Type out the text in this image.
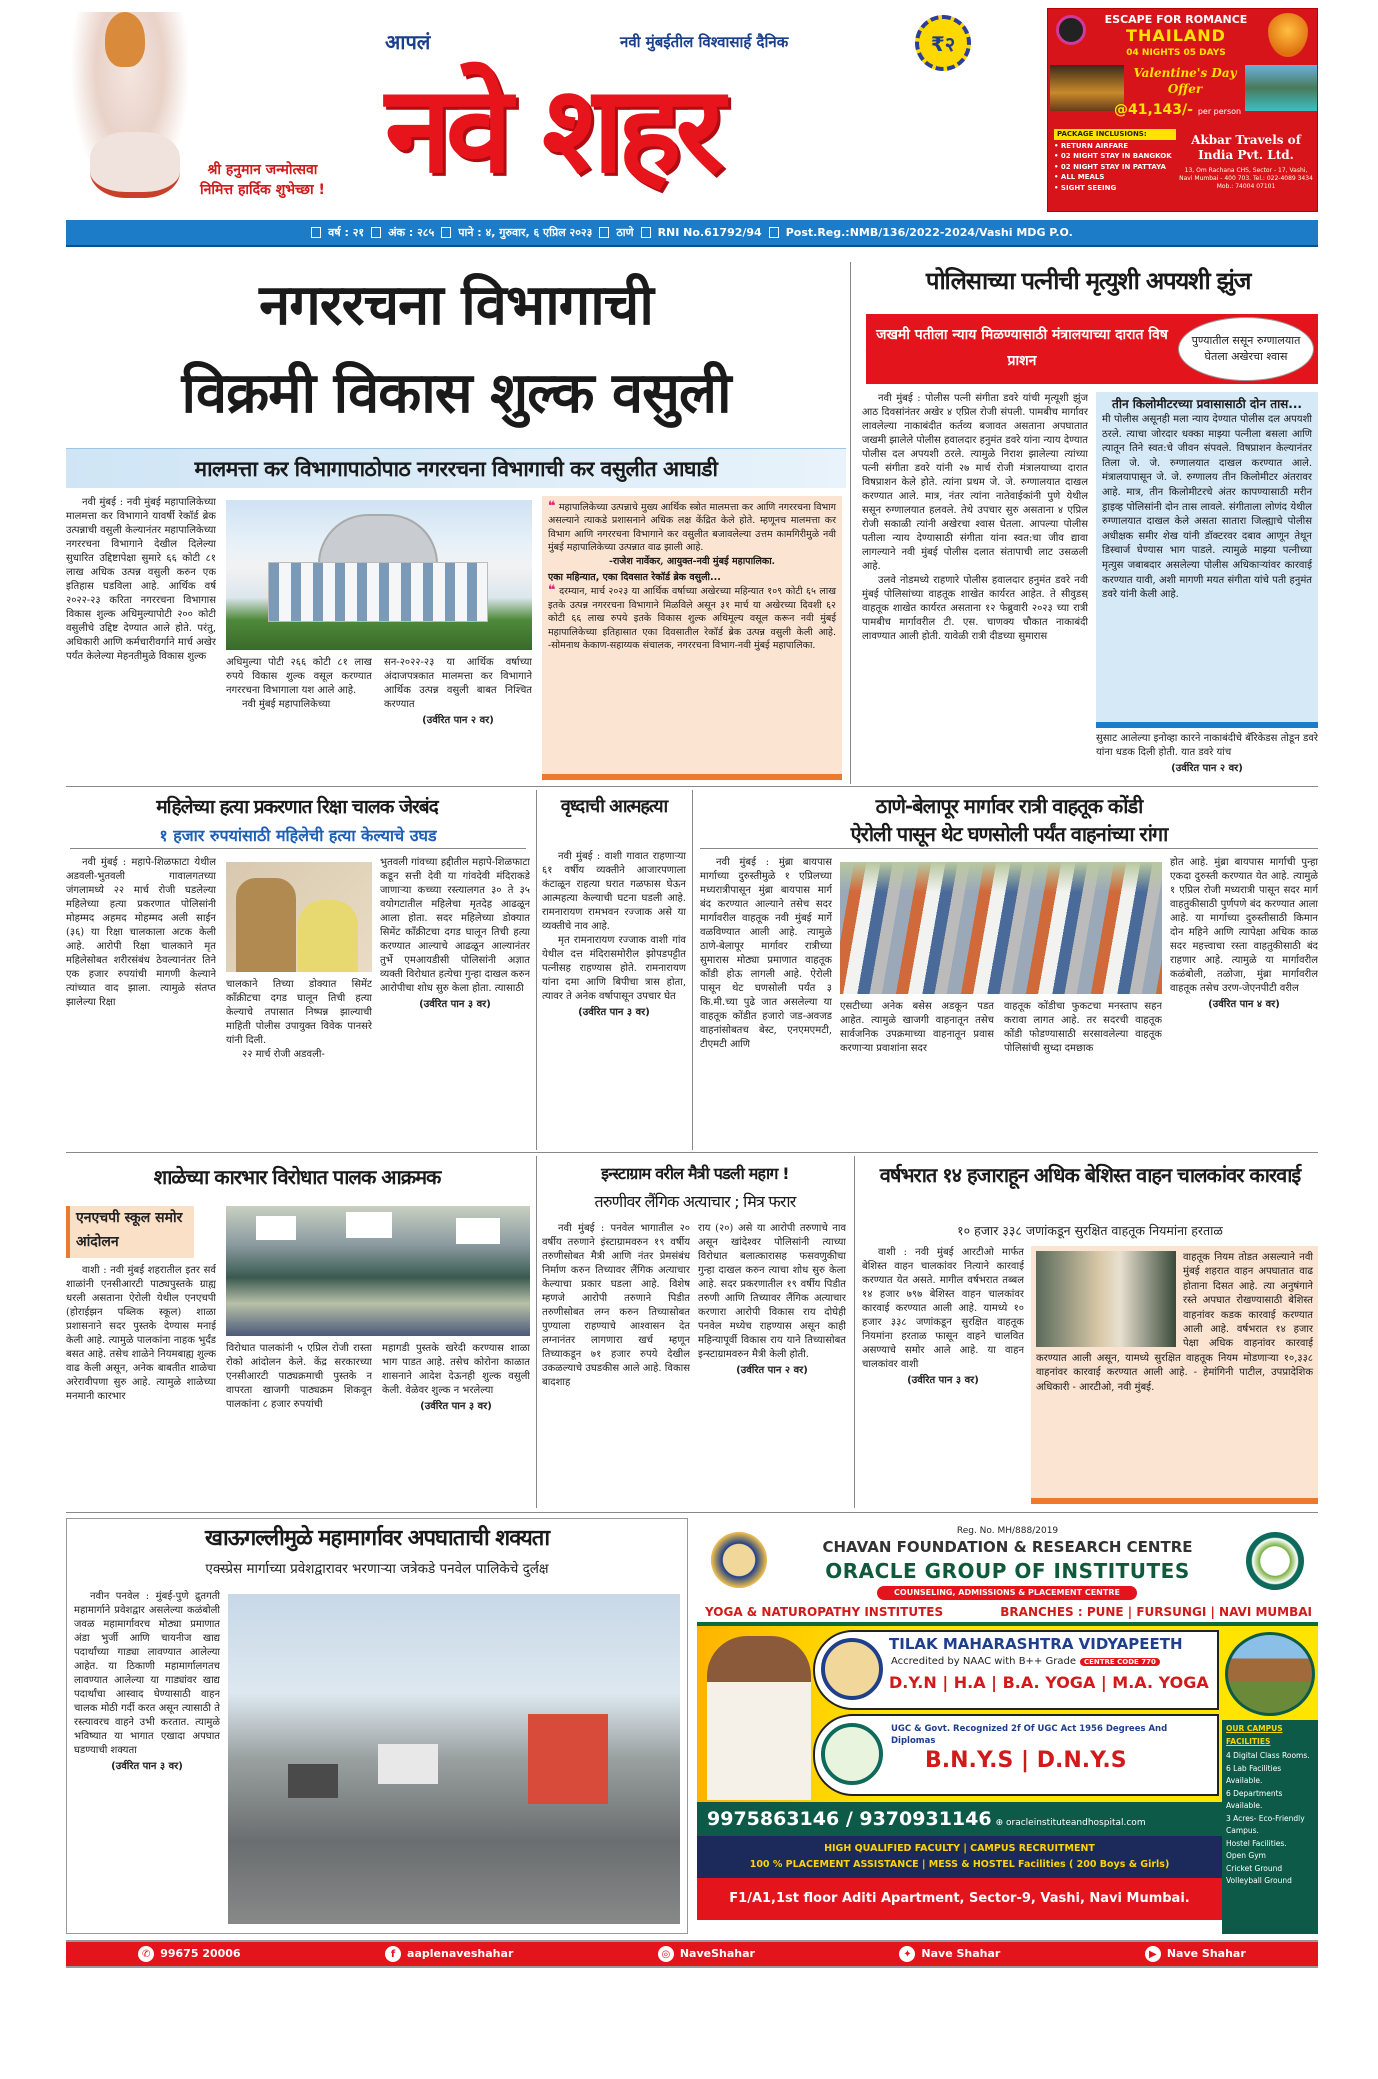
श्री हनुमान जन्मोत्सवा
निमित्त हार्दिक शुभेच्छा ! नवे शहर
आपलं	नवी मुंबईतील विश्वासार्ह दैनिक	₹२
ESCAPE FOR ROMANCE
THAILAND
04 NIGHTS 05 DAYS
Valentine's Day Offer
@41,143/- per person
PACKAGE INCLUSIONS:
• RETURN AIRFARE
• 02 NIGHT STAY IN BANGKOK
• 02 NIGHT STAY IN PATTAYA
• ALL MEALS
• SIGHT SEEING
Akbar Travels of India Pvt. Ltd.
13, Om Rachana CHS, Sector - 17, Vashi, Navi Mumbai - 400 703. Tel.: 022-4089 3434 Mob.: 74004 07101
वर्ष : २१ अंक : २८५ पाने : ४, गुरुवार, ६ एप्रिल २०२३ ठाणे RNI No.61792/94 Post.Reg.:NMB/136/2022-2024/Vashi MDG P.O.
नगररचना विभागाची
विक्रमी विकास शुल्क वसुली
मालमत्ता कर विभागापाठोपाठ नगररचना विभागाची कर वसुलीत आघाडी

नवी मुंबई : नवी मुंबई महापालिकेच्या मालमत्ता कर विभागाने यावर्षी रेकॉर्ड ब्रेक उत्पन्नाची वसुली केल्यानंतर महापालिकेच्या नगररचना विभागाने देखील दिलेल्या सुधारित उद्दिष्टापेक्षा सुमारे ६६ कोटी ८१ लाख अधिक उत्पन्न वसुली करुन एक इतिहास घडविला आहे. आर्थिक वर्ष २०२२-२३ करिता नगररचना विभागास विकास शुल्क अधिमुल्यापोटी २०० कोटी वसुलीचे उद्दिष्ट देण्यात आले होते. परंतु, अधिकारी आणि कर्मचारीवर्गाने मार्च अखेर पर्यंत केलेल्या मेहनतीमुळे विकास शुल्क

अधिमुल्या पोटी २६६ कोटी ८१ लाख रुपये विकास शुल्क वसूल करण्यात नगररचना विभागाला यश आले आहे.

नवी मुंबई महापालिकेच्या

सन-२०२२-२३ या आर्थिक वर्षाच्या अंदाजपत्रकात मालमत्ता कर विभागाने आर्थिक उत्पन्न वसुली बाबत निश्चित करण्यात

(उर्वरित पान २ वर)
❝ महापालिकेच्या उत्पन्नाचे मुख्य आर्थिक स्त्रोत मालमत्ता कर आणि नगररचना विभाग असल्याने त्याकडे प्रशासनाने अधिक लक्ष केंद्रित केले होते. म्हणूनच मालमत्ता कर विभाग आणि नगररचना विभागाने कर वसुलीत बजावलेल्या उत्तम कामगिरीमुळे नवी मुंबई महापालिकेच्या उत्पन्नात वाढ झाली आहे.
-राजेश नार्वेकर, आयुक्त-नवी मुंबई महापालिका.
एका महिन्यात, एका दिवसात रेकॉर्ड ब्रेक वसुली...
❝ दरम्यान, मार्च २०२३ या आर्थिक वर्षाच्या अखेरच्या महिन्यात १०९ कोटी ६५ लाख इतके उत्पन्न नगररचना विभागाने मिळविले असून ३१ मार्च या अखेरच्या दिवशी ६२ कोटी ६६ लाख रुपये इतके विकास शुल्क अधिमूल्य वसूल करून नवी मुंबई महापालिकेच्या इतिहासात एका दिवसातील रेकॉर्ड ब्रेक उत्पन्न वसुली केली आहे. -सोमनाथ केकाण-सहाय्यक संचालक, नगररचना विभाग-नवी मुंबई महापालिका.
पोलिसाच्या पत्नीची मृत्युशी अपयशी झुंज
जखमी पतीला न्याय मिळण्यासाठी मंत्रालयाच्या दारात विष प्राशन
पुण्यातील ससून रुग्णालयात घेतला अखेरचा श्वास

नवी मुंबई : पोलीस पत्नी संगीता डवरे यांची मृत्यूशी झुंज आठ दिवसांनंतर अखेर ४ एप्रिल रोजी संपली. पामबीच मार्गावर लावलेल्या नाकाबंदीत कर्तव्य बजावत असताना अपघातात जखमी झालेले पोलीस हवालदार हनुमंत डवरे यांना न्याय देण्यात पोलीस दल अपयशी ठरले. त्यामुळे निराश झालेल्या त्यांच्या पत्नी संगीता डवरे यांनी २७ मार्च रोजी मंत्रालयाच्या दारात विषप्राशन केले होते. त्यांना प्रथम जे. जे. रुग्णालयात दाखल करण्यात आले. मात्र, नंतर त्यांना नातेवाईकांनी पुणे येथील ससून रुग्णालयात हलवले. तेथे उपचार सुरु असताना ४ एप्रिल रोजी सकाळी त्यांनी अखेरचा श्वास घेतला. आपल्या पोलीस पतीला न्याय देण्यासाठी संगीता यांना स्वत:चा जीव द्यावा लागल्याने नवी मुंबई पोलीस दलात संतापाची लाट उसळली आहे.

उलवे नोडमध्ये राहणारे पोलीस हवालदार हनुमंत डवरे नवी मुंबई पोलिसांच्या वाहतूक शाखेत कार्यरत आहेत. ते सीवुडस् वाहतूक शाखेत कार्यरत असताना १२ फेब्रुवारी २०२३ च्या रात्री पामबीच मार्गावरील टी. एस. चाणक्य चौकात नाकाबंदी लावण्यात आली होती. यावेळी रात्री दीडच्या सुमारास

तीन किलोमीटरच्या प्रवासासाठी दोन तास...
मी पोलीस असूनही मला न्याय देण्यात पोलीस दल अपयशी ठरले. त्याचा जोरदार धक्का माझ्या पत्नीला बसला आणि त्यातून तिने स्वत:चे जीवन संपवले. विषप्राशन केल्यानंतर तिला जे. जे. रुग्णालयात दाखल करण्यात आले. मंत्रालयापासून जे. जे. रुग्णालय तीन किलोमीटर अंतरावर आहे. मात्र, तीन किलोमीटरचे अंतर कापण्यासाठी मरीन ड्राइव्ह पोलिसांनी दोन तास लावले. संगीताला लोणंद येथील रुग्णालयात दाखल केले असता सातारा जिल्ह्याचे पोलीस अधीक्षक समीर शेख यांनी डॉक्टरवर दबाव आणून तेथून डिस्चार्ज घेण्यास भाग पाडले. त्यामुळे माझ्या पत्नीच्या मृत्युस जबाबदार असलेल्या पोलीस अधिकाऱ्यांवर कारवाई करण्यात यावी, अशी मागणी मयत संगीता यांचे पती हनुमंत डवरे यांनी केली आहे.
सुसाट आलेल्या इनोव्हा कारने नाकाबंदीचे बॅरिकेडस तोडून डवरे यांना धडक दिली होती. यात डवरे यांच
(उर्वरित पान २ वर)
महिलेच्या हत्या प्रकरणात रिक्षा चालक जेरबंद
१ हजार रुपयांसाठी महिलेची हत्या केल्याचे उघड

नवी मुंबई : महापे-शिळफाटा येथील अडवली-भुतवली गावालगतच्या जंगलामध्ये २२ मार्च रोजी घडलेल्या महिलेच्या हत्या प्रकरणात पोलिसांनी मोहम्मद अहमद मोहम्मद अली साईन (३६) या रिक्षा चालकाला अटक केली आहे. आरोपी रिक्षा चालकाने मृत महिलेसोबत शरीरसंबंध ठेवल्यानंतर तिने एक हजार रुपयांची मागणी केल्याने त्यांच्यात वाद झाला. त्यामुळे संतप्त झालेल्या रिक्षा

चालकाने तिच्या डोक्यात सिमेंट कॉंक्रीटचा दगड घालून तिची हत्या केल्याचे तपासात निष्पन्न झाल्याची माहिती पोलीस उपायुक्त विवेक पानसरे यांनी दिली.

२२ मार्च रोजी अडवली-

भुतवली गांवच्या हद्दीतील महापे-शिळफाटा कडून सत्ती देवी या गांवदेवी मंदिराकडे जाणाऱ्या कच्च्या रस्त्यालगत ३० ते ३५ वयोगटातील महिलेचा मृतदेह आढळून आला होता. सदर महिलेच्या डोक्यात सिमेंट कॉंक्रीटचा दगड घालून तिची हत्या करण्यात आल्याचे आढळून आल्यानंतर तुर्भे एमआयडीसी पोलिसांनी अज्ञात व्यक्ती विरोधात हत्येचा गुन्हा दाखल करुन आरोपीचा शोध सुरु केला होता. त्यासाठी

(उर्वरित पान ३ वर)
वृध्दाची आत्महत्या

नवी मुंबई : वाशी गावात राहणाऱ्या ६१ वर्षीय व्यक्तीने आजारपणाला कंटाळून राहत्या घरात गळफास घेऊन आत्महत्या केल्याची घटना घडली आहे. रामनारायण रामभवन रज्जाक असे या व्यक्तीचे नाव आहे.

मृत रामनारायण रज्जाक वाशी गांव येथील दत्त मंदिरासमोरील झोपडपट्टीत पत्नीसह राहण्यास होते. रामनारायण यांना दमा आणि बिपीचा त्रास होता, त्यावर ते अनेक वर्षापासून उपचार घेत

(उर्वरित पान ३ वर)
ठाणे-बेलापूर मार्गावर रात्री वाहतूक कोंडी
ऐरोली पासून थेट घणसोली पर्यंत वाहनांच्या रांगा

नवी मुंबई : मुंब्रा बायपास मार्गाच्या दुरुस्तीमुळे १ एप्रिलच्या मध्यरात्रीपासून मुंब्रा बायपास मार्ग बंद करण्यात आल्याने तसेच सदर मार्गावरील वाहतूक नवी मुंबई मार्गे वळविण्यात आली आहे. त्यामुळे ठाणे-बेलापूर मार्गावर रात्रीच्या सुमारास मोठ्या प्रमाणात वाहतूक कोंडी होऊ लागली आहे. ऐरोली पासून थेट घणसोली पर्यंत ३ कि.मी.च्या पुढे जात असलेल्या या वाहतूक कोंडीत हजारो जड-अवजड वाहनांसोबतच बेस्ट, एनएमएमटी, टीएमटी आणि

एसटीच्या अनेक बसेस अडकून पडत आहेत. त्यामुळे खाजगी वाहनातून तसेच सार्वजनिक उपक्रमाच्या वाहनातून प्रवास करणाऱ्या प्रवाशांना सदर

वाहतूक कोंडीचा फुकटचा मनस्ताप सहन करावा लागत आहे. तर सदरची वाहतूक कोंडी फोडण्यासाठी सरसावलेल्या वाहतूक पोलिसांची सुध्दा दमछाक

होत आहे. मुंब्रा बायपास मार्गाची पुन्हा एकदा दुरुस्ती करण्यात येत आहे. त्यामुळे १ एप्रिल रोजी मध्यरात्री पासून सदर मार्ग वाहतुकीसाठी पुर्णपणे बंद करण्यात आला आहे. या मार्गाच्या दुरुस्तीसाठी किमान दोन महिने आणि त्यापेक्षा अधिक काळ सदर महत्त्वाचा रस्ता वाहतुकीसाठी बंद राहणार आहे. त्यामुळे या मार्गावरील कळंबोली, तळोजा, मुंब्रा मार्गावरील वाहतूक तसेच उरण-जेएनपीटी वरील

(उर्वरित पान ४ वर)
शाळेच्या कारभार विरोधात पालक आक्रमक
एनएचपी स्कूल समोर आंदोलन

वाशी : नवी मुंबई शहरातील इतर सर्व शाळांनी एनसीआरटी पाठ्यपुस्तके ग्राह्य धरली असताना ऐरोली येथील एनएचपी (होराईझन पब्लिक स्कूल) शाळा प्रशासनाने सदर पुस्तके देण्यास मनाई केली आहे. त्यामुळे पालकांना नाहक भुर्दंड बसत आहे. तसेच शाळेने नियमबाह्य शुल्क वाढ केली असून, अनेक बाबतीत शाळेचा अरेरावीपणा सुरु आहे. त्यामुळे शाळेच्या मनमानी कारभार

विरोधात पालकांनी ५ एप्रिल रोजी रास्ता रोको आंदोलन केले. केंद्र सरकारच्या एनसीआरटी पाठ्यक्रमाची पुस्तके न वापरता खाजगी पाठ्यक्रम शिकवून पालकांना ८ हजार रुपयांची

महागडी पुस्तके खरेदी करण्यास शाळा भाग पाडत आहे. तसेच कोरोना काळात शासनाने आदेश देऊनही शुल्क वसुली केली. वेळेवर शुल्क न भरलेल्या

(उर्वरित पान ३ वर)
इन्स्टाग्राम वरील मैत्री पडली महाग !
तरुणीवर लैंगिक अत्याचार ; मित्र फरार

नवी मुंबई : पनवेल भागातील २० वर्षीय तरुणाने इंस्टाग्रामवरुन १९ वर्षीय तरुणीसोबत मैत्री आणि नंतर प्रेमसंबंध निर्माण करुन तिच्यावर लैंगिक अत्याचार केल्याचा प्रकार घडला आहे. विशेष म्हणजे आरोपी तरुणाने पिडीत तरुणीसोबत लग्न करुन तिच्यासोबत पुण्याला राहण्याचे आश्वासन देत लग्नानंतर लागणारा खर्च म्हणून तिच्याकडून ७१ हजार रुपये देखील उकळल्याचे उघडकीस आले आहे. विकास बादशाह

राय (२०) असे या आरोपी तरुणाचे नाव असून खांदेश्वर पोलिसांनी त्याच्या विरोधात बलात्कारासह फसवणुकीचा गुन्हा दाखल करुन त्याचा शोध सुरु केला आहे. सदर प्रकरणातील १९ वर्षीय पिडीत तरुणी आणि तिच्यावर लैंगिक अत्याचार करणारा आरोपी विकास राय दोघेही पनवेल मध्येच राहण्यास असून काही महिन्यापूर्वी विकास राय याने तिच्यासोबत इन्स्टाग्रामवरुन मैत्री केली होती.

(उर्वरित पान २ वर)
वर्षभरात १४ हजाराहून अधिक बेशिस्त वाहन चालकांवर कारवाई
१० हजार ३३८ जणांकडून सुरक्षित वाहतूक नियमांना हरताळ

वाशी : नवी मुंबई आरटीओ मार्फत बेशिस्त वाहन चालकांवर नित्याने कारवाई करण्यात येत असते. मागील वर्षभरात तब्बल १४ हजार ७९७ बेशिस्त वाहन चालकांवर कारवाई करण्यात आली आहे. यामध्ये १० हजार ३३८ जणांकडून सुरक्षित वाहतूक नियमांना हरताळ फासून वाहने चालवित असण्याचे समोर आले आहे. या वाहन चालकांवर वाशी

(उर्वरित पान ३ वर)
वाहतूक नियम तोडत असल्याने नवी मुंबई शहरात वाहन अपघातात वाढ होताना दिसत आहे. त्या अनुषंगाने रस्ते अपघात रोखण्यासाठी बेशिस्त वाहनांवर कडक कारवाई करण्यात आली आहे. वर्षभरात १४ हजार पेक्षा अधिक वाहनांवर कारवाई करण्यात आली असून, यामध्ये सुरक्षित वाहतूक नियम मोडणाऱ्या १०,३३८ वाहनांवर कारवाई करण्यात आली आहे. - हेमांगिनी पाटील, उपप्रादेशिक अधिकारी - आरटीओ, नवी मुंबई.
खाऊगल्लीमुळे महामार्गावर अपघाताची शक्यता
एक्स्प्रेस मार्गाच्या प्रवेशद्वारावर भरणाऱ्या जत्रेकडे पनवेल पालिकेचे दुर्लक्ष

नवीन पनवेल : मुंबई-पुणे द्रुतगती महामार्गाने प्रवेशद्वार असलेल्या कळंबोली जवळ महामार्गावरच मोठ्या प्रमाणात अंडा भुर्जी आणि चायनीज खाद्य पदार्थांच्या गाड्या लावण्यात आलेल्या आहेत. या ठिकाणी महामार्गालगतच लावण्यात आलेल्या या गाड्यांवर खाद्य पदार्थांचा आस्वाद घेण्यासाठी वाहन चालक मोठी गर्दी करत असून त्यासाठी ते रस्त्यावरच वाहने उभी करतात. त्यामुळे भविष्यात या भागात एखादा अपघात घडण्याची शक्यता

(उर्वरित पान ३ वर)
Reg. No. MH/888/2019
CHAVAN FOUNDATION & RESEARCH CENTRE
ORACLE GROUP OF INSTITUTES
COUNSELING, ADMISSIONS & PLACEMENT CENTRE
YOGA & NATUROPATHY INSTITUTES	BRANCHES : PUNE | FURSUNGI | NAVI MUMBAI
TILAK MAHARASHTRA VIDYAPEETH
Accredited by NAAC with B++ Grade CENTRE CODE 770
D.Y.N | H.A | B.A. YOGA | M.A. YOGA
UGC & Govt. Recognized 2f Of UGC Act 1956 Degrees And Diplomas
B.N.Y.S | D.N.Y.S
9975863146 / 9370931146 ⊕ oracleinstituteandhospital.com
HIGH QUALIFIED FACULTY | CAMPUS RECRUITMENT
100 % PLACEMENT ASSISTANCE | MESS & HOSTEL Facilities ( 200 Boys & Girls)
F1/A1,1st floor Aditi Apartment, Sector-9, Vashi, Navi Mumbai.
OUR CAMPUS FACILITIES
4 Digital Class Rooms.
6 Lab Facilities Available.
6 Departments Available.
3 Acres- Eco-Friendly Campus.
Hostel Facilities.
Open Gym
Cricket Ground
Volleyball Ground
✆ 99675 20006	f aaplenaveshahar	◎ NaveShahar	✦ Nave Shahar	▶ Nave Shahar
